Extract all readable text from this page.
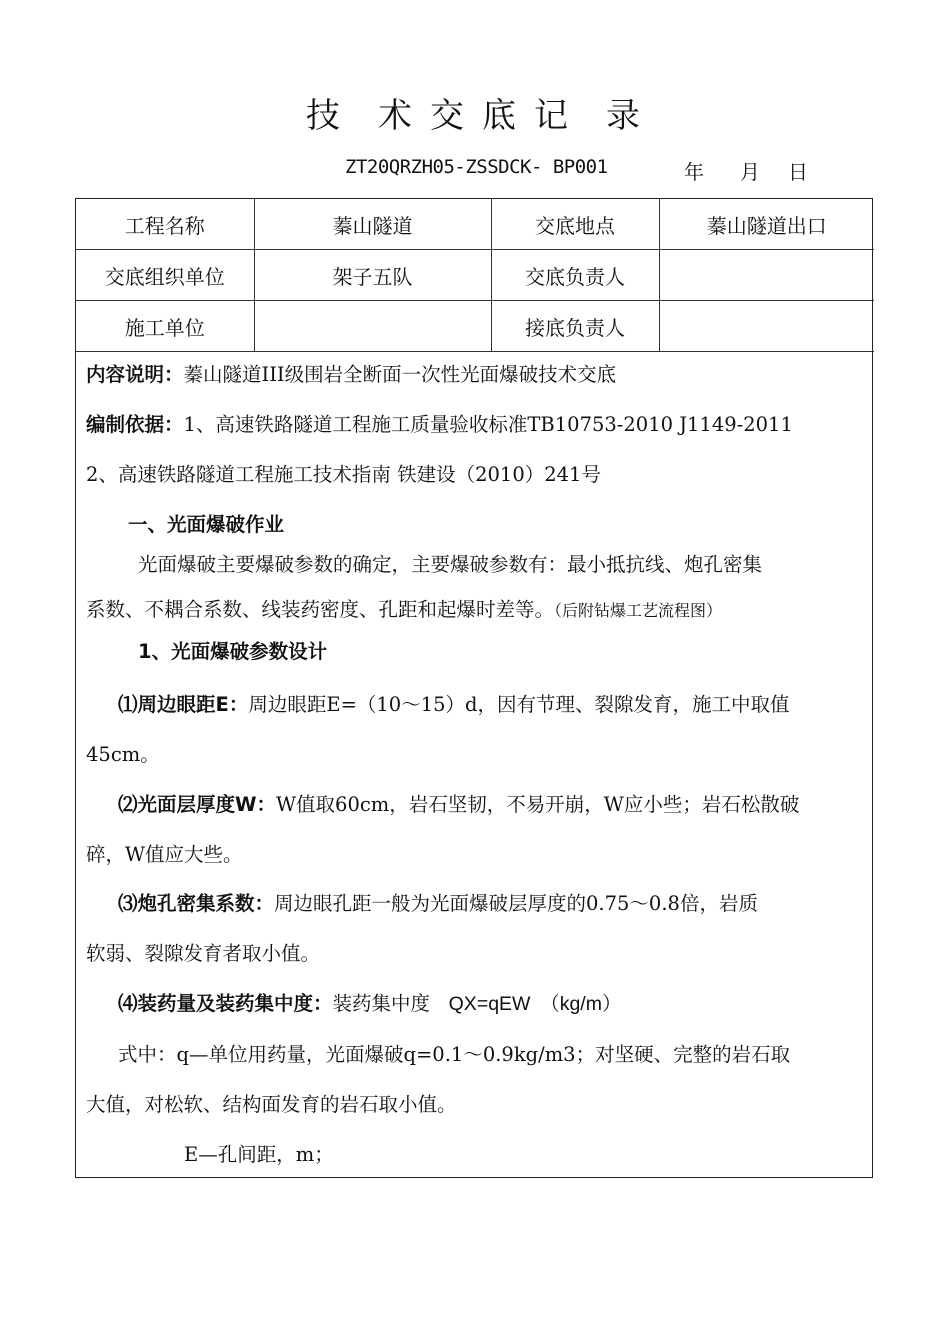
技 术 交 底 记 录
ZT20QRZH05-ZSSDCK- BP001	年 月 日
工程名称	蓁山隧道	交底地点	蓁山隧道出口
交底组织单位	架子五队	交底负责人	
施工单位		接底负责人	
内容说明：蓁山隧道III级围岩全断面一次性光面爆破技术交底
编制依据：1、高速铁路隧道工程施工质量验收标准TB10753-2010 J1149-2011
2、高速铁路隧道工程施工技术指南 铁建设（2010）241号
一、光面爆破作业
光面爆破主要爆破参数的确定，主要爆破参数有：最小抵抗线、炮孔密集
系数、不耦合系数、线装药密度、孔距和起爆时差等。（后附钻爆工艺流程图）
1、光面爆破参数设计
⑴周边眼距E：周边眼距E=（10～15）d，因有节理、裂隙发育，施工中取值
45cm。
⑵光面层厚度W：W值取60cm，岩石坚韧，不易开崩，W应小些；岩石松散破
碎，W值应大些。
⑶炮孔密集系数：周边眼孔距一般为光面爆破层厚度的0.75～0.8倍，岩质
软弱、裂隙发育者取小值。
⑷装药量及装药集中度：装药集中度 QX=qEW　（kg/m）
式中：q—单位用药量，光面爆破q=0.1～0.9kg/m3；对坚硬、完整的岩石取
大值，对松软、结构面发育的岩石取小值。
E—孔间距，m；
